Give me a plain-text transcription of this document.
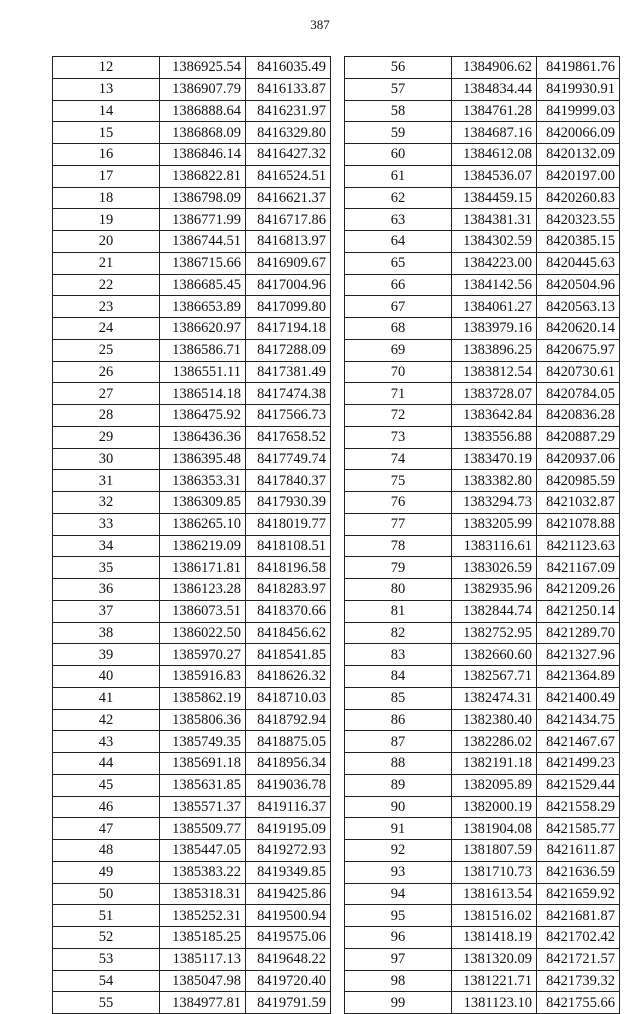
387
12	1386925.54	8416035.49
13	1386907.79	8416133.87
14	1386888.64	8416231.97
15	1386868.09	8416329.80
16	1386846.14	8416427.32
17	1386822.81	8416524.51
18	1386798.09	8416621.37
19	1386771.99	8416717.86
20	1386744.51	8416813.97
21	1386715.66	8416909.67
22	1386685.45	8417004.96
23	1386653.89	8417099.80
24	1386620.97	8417194.18
25	1386586.71	8417288.09
26	1386551.11	8417381.49
27	1386514.18	8417474.38
28	1386475.92	8417566.73
29	1386436.36	8417658.52
30	1386395.48	8417749.74
31	1386353.31	8417840.37
32	1386309.85	8417930.39
33	1386265.10	8418019.77
34	1386219.09	8418108.51
35	1386171.81	8418196.58
36	1386123.28	8418283.97
37	1386073.51	8418370.66
38	1386022.50	8418456.62
39	1385970.27	8418541.85
40	1385916.83	8418626.32
41	1385862.19	8418710.03
42	1385806.36	8418792.94
43	1385749.35	8418875.05
44	1385691.18	8418956.34
45	1385631.85	8419036.78
46	1385571.37	8419116.37
47	1385509.77	8419195.09
48	1385447.05	8419272.93
49	1385383.22	8419349.85
50	1385318.31	8419425.86
51	1385252.31	8419500.94
52	1385185.25	8419575.06
53	1385117.13	8419648.22
54	1385047.98	8419720.40
55	1384977.81	8419791.59
56	1384906.62	8419861.76
57	1384834.44	8419930.91
58	1384761.28	8419999.03
59	1384687.16	8420066.09
60	1384612.08	8420132.09
61	1384536.07	8420197.00
62	1384459.15	8420260.83
63	1384381.31	8420323.55
64	1384302.59	8420385.15
65	1384223.00	8420445.63
66	1384142.56	8420504.96
67	1384061.27	8420563.13
68	1383979.16	8420620.14
69	1383896.25	8420675.97
70	1383812.54	8420730.61
71	1383728.07	8420784.05
72	1383642.84	8420836.28
73	1383556.88	8420887.29
74	1383470.19	8420937.06
75	1383382.80	8420985.59
76	1383294.73	8421032.87
77	1383205.99	8421078.88
78	1383116.61	8421123.63
79	1383026.59	8421167.09
80	1382935.96	8421209.26
81	1382844.74	8421250.14
82	1382752.95	8421289.70
83	1382660.60	8421327.96
84	1382567.71	8421364.89
85	1382474.31	8421400.49
86	1382380.40	8421434.75
87	1382286.02	8421467.67
88	1382191.18	8421499.23
89	1382095.89	8421529.44
90	1382000.19	8421558.29
91	1381904.08	8421585.77
92	1381807.59	8421611.87
93	1381710.73	8421636.59
94	1381613.54	8421659.92
95	1381516.02	8421681.87
96	1381418.19	8421702.42
97	1381320.09	8421721.57
98	1381221.71	8421739.32
99	1381123.10	8421755.66
